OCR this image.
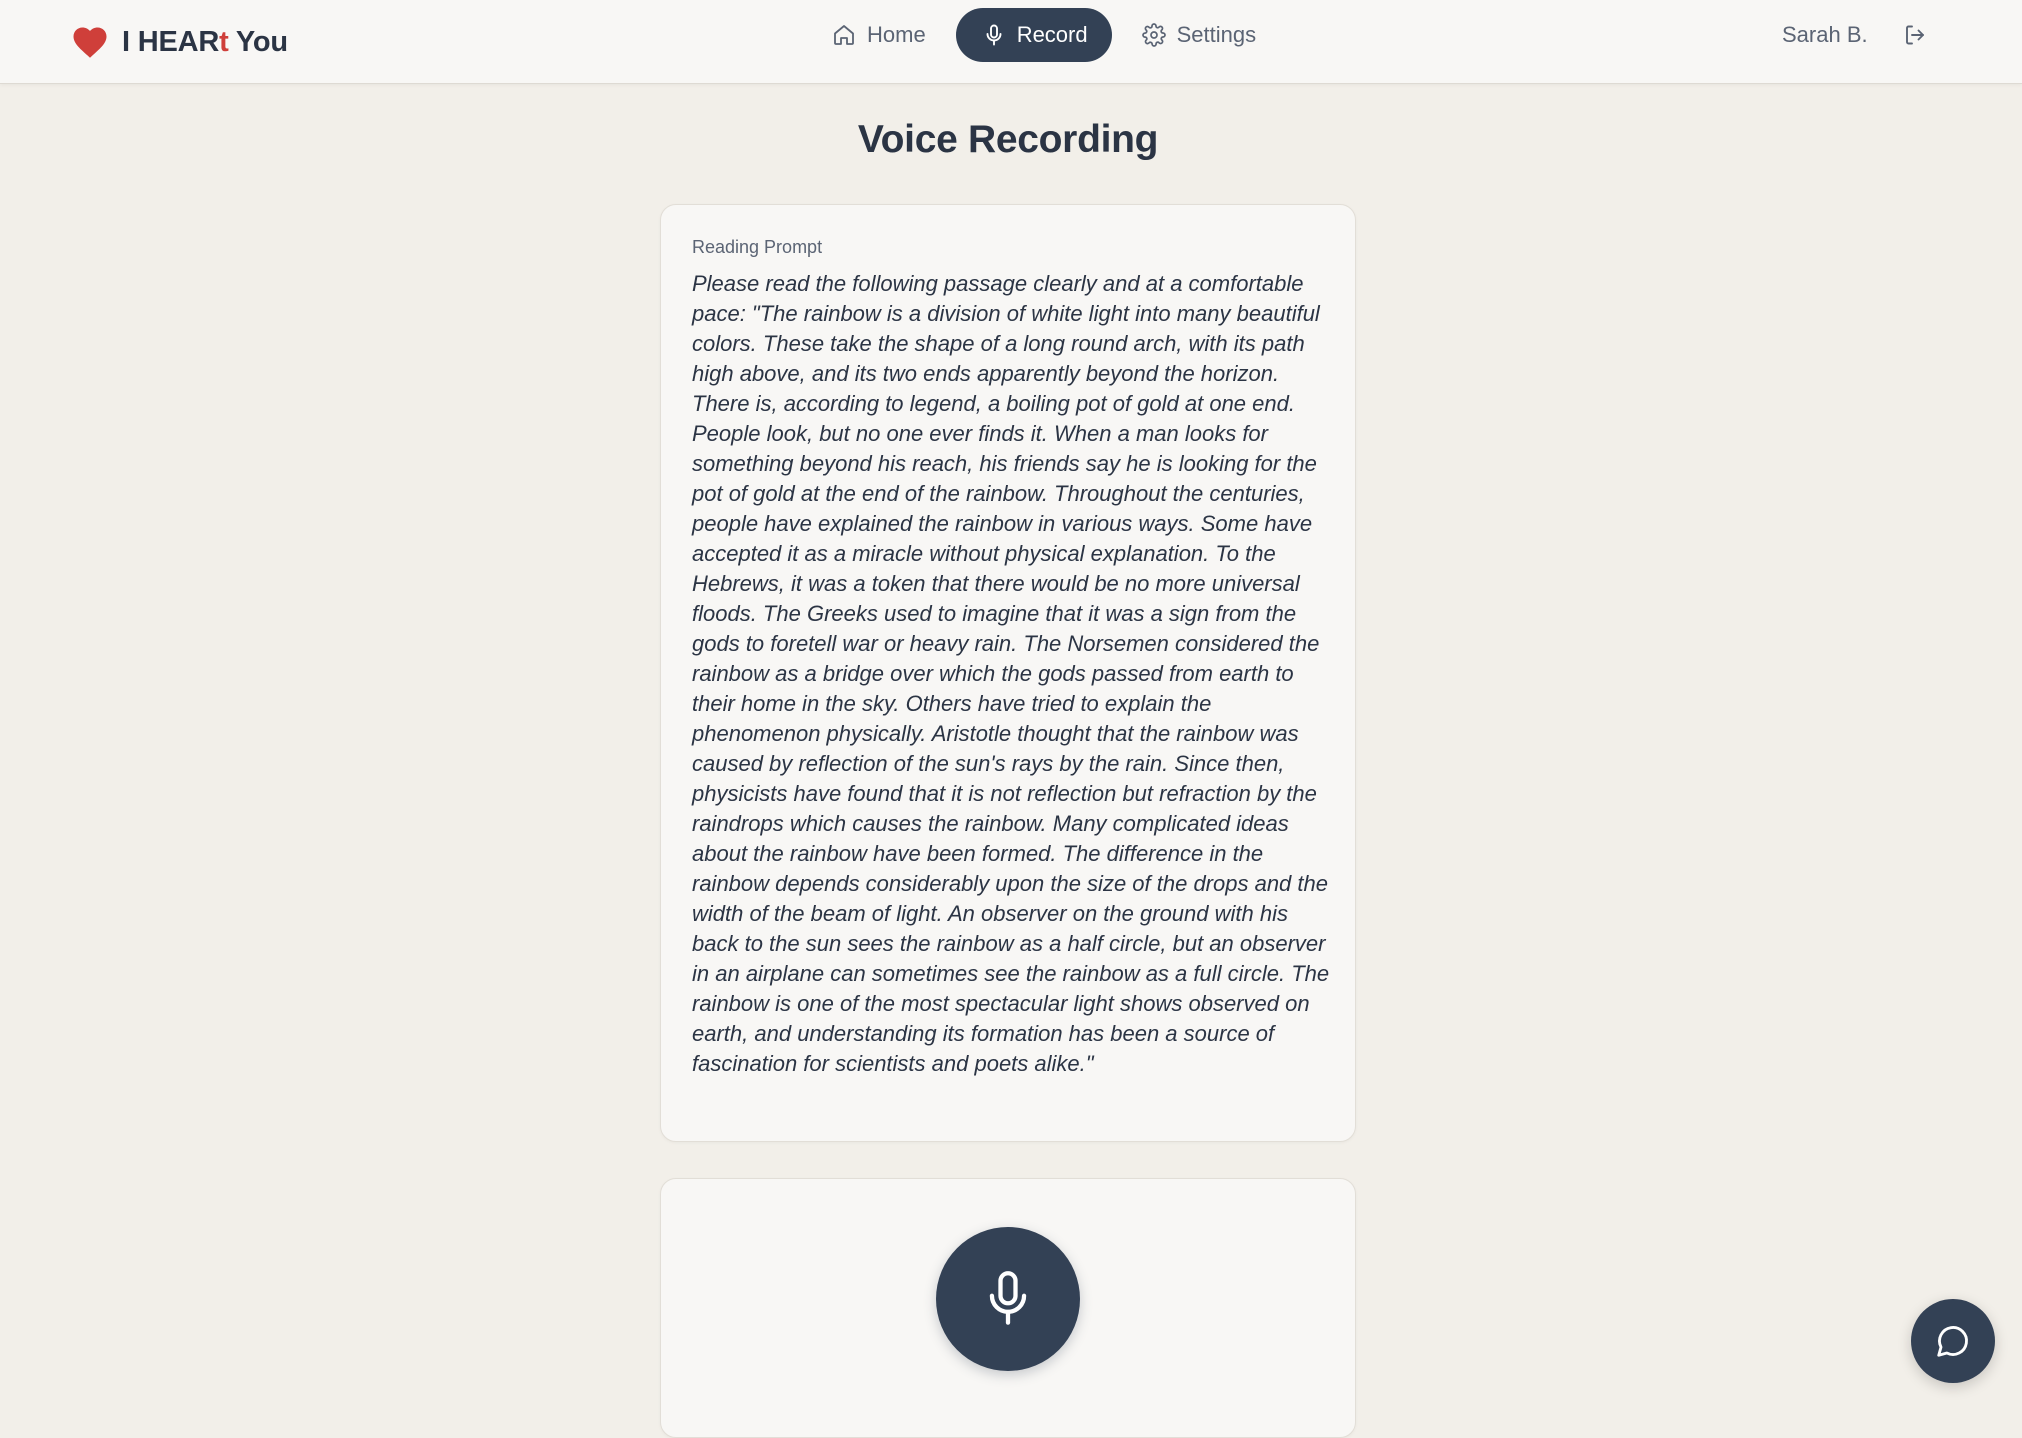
I HEARt You	Home	Record	Settings	Sarah B.
Voice Recording
Reading Prompt

Please read the following passage clearly and at a comfortable pace: "The rainbow is a division of white light into many beautiful colors. These take the shape of a long round arch, with its path high above, and its two ends apparently beyond the horizon. There is, according to legend, a boiling pot of gold at one end. People look, but no one ever finds it. When a man looks for something beyond his reach, his friends say he is looking for the pot of gold at the end of the rainbow. Throughout the centuries, people have explained the rainbow in various ways. Some have accepted it as a miracle without physical explanation. To the Hebrews, it was a token that there would be no more universal floods. The Greeks used to imagine that it was a sign from the gods to foretell war or heavy rain. The Norsemen considered the rainbow as a bridge over which the gods passed from earth to their home in the sky. Others have tried to explain the phenomenon physically. Aristotle thought that the rainbow was caused by reflection of the sun's rays by the rain. Since then, physicists have found that it is not reflection but refraction by the raindrops which causes the rainbow. Many complicated ideas about the rainbow have been formed. The difference in the rainbow depends considerably upon the size of the drops and the width of the beam of light. An observer on the ground with his back to the sun sees the rainbow as a half circle, but an observer in an airplane can sometimes see the rainbow as a full circle. The rainbow is one of the most spectacular light shows observed on earth, and understanding its formation has been a source of fascination for scientists and poets alike."
